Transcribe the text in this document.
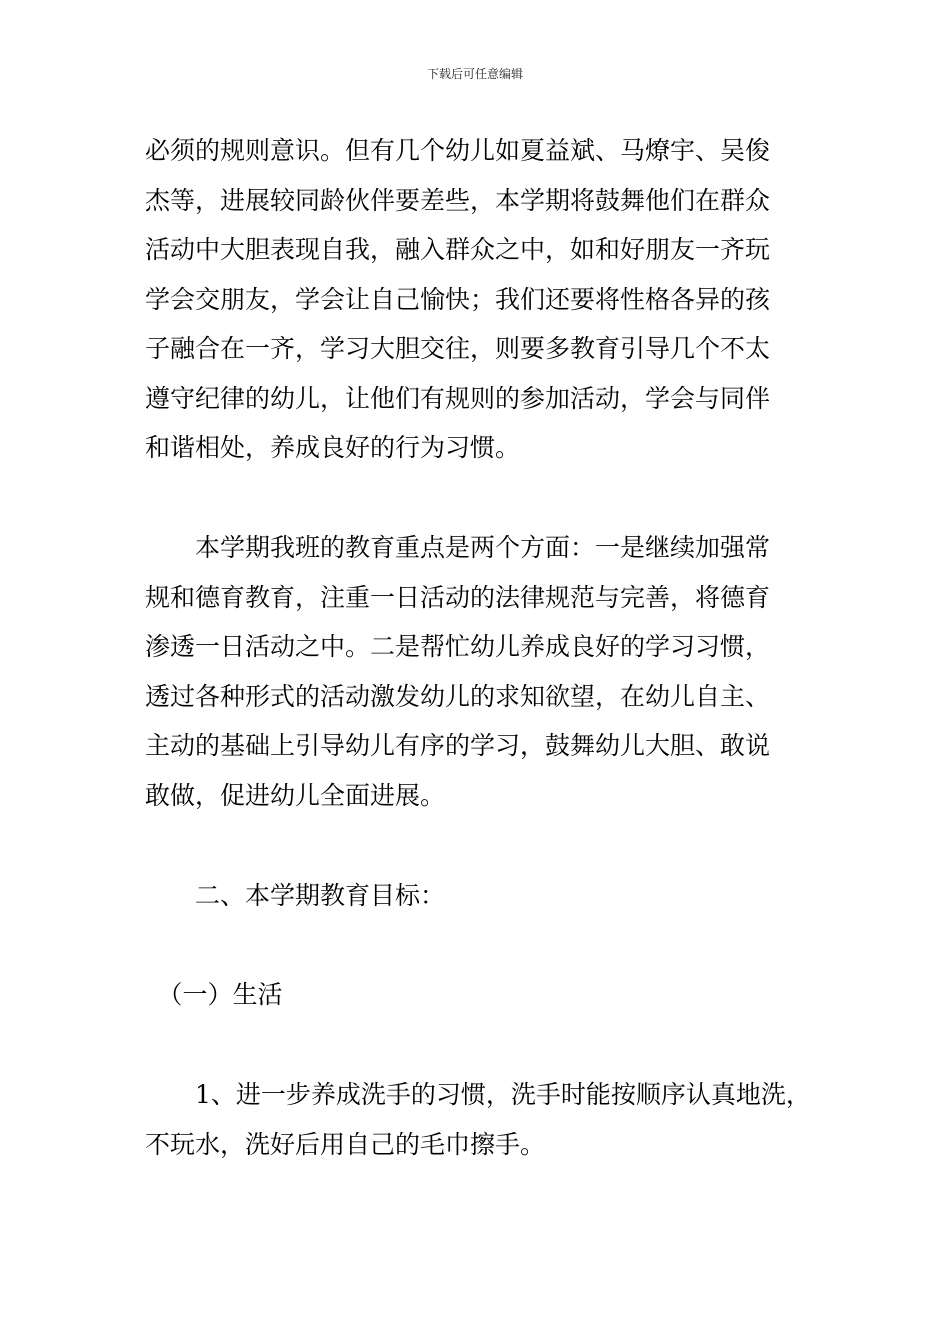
下载后可任意编辑
必须的规则意识。但有几个幼儿如夏益斌、马燎宇、吴俊
杰等，进展较同龄伙伴要差些，本学期将鼓舞他们在群众
活动中大胆表现自我，融入群众之中，如和好朋友一齐玩
学会交朋友，学会让自己愉快；我们还要将性格各异的孩
子融合在一齐，学习大胆交往，则要多教育引导几个不太
遵守纪律的幼儿，让他们有规则的参加活动，学会与同伴
和谐相处，养成良好的行为习惯。
　　本学期我班的教育重点是两个方面：一是继续加强常
规和德育教育，注重一日活动的法律规范与完善，将德育
渗透一日活动之中。二是帮忙幼儿养成良好的学习习惯，
透过各种形式的活动激发幼儿的求知欲望，在幼儿自主、
主动的基础上引导幼儿有序的学习，鼓舞幼儿大胆、敢说
敢做，促进幼儿全面进展。
　　二、本学期教育目标：
　（一）生活
　　1、进一步养成洗手的习惯，洗手时能按顺序认真地洗，
不玩水，洗好后用自己的毛巾擦手。
